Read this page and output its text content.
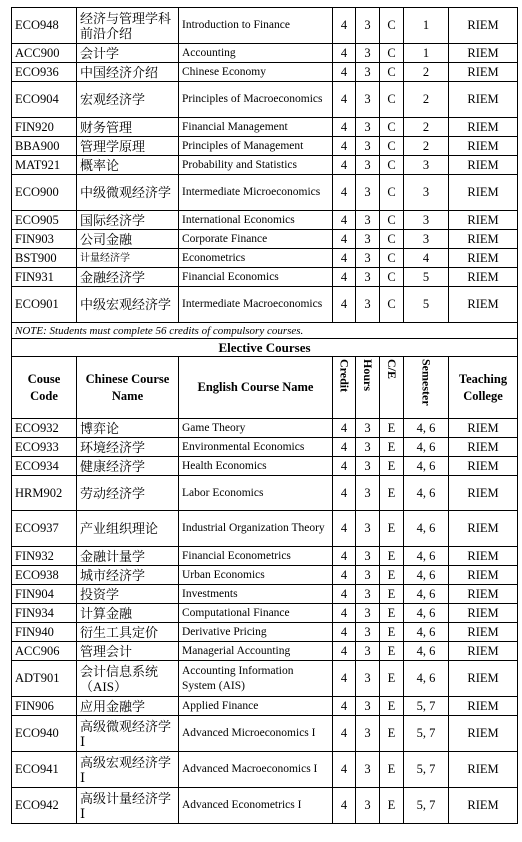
ECO948	经济与管理学科前沿介绍	Introduction to Finance	4	3	C	1	RIEM
ACC900	会计学	Accounting	4	3	C	1	RIEM
ECO936	中国经济介绍	Chinese Economy	4	3	C	2	RIEM
ECO904	宏观经济学	Principles of Macroeconomics	4	3	C	2	RIEM
FIN920	财务管理	Financial Management	4	3	C	2	RIEM
BBA900	管理学原理	Principles of Management	4	3	C	2	RIEM
MAT921	概率论	Probability and Statistics	4	3	C	3	RIEM
ECO900	中级微观经济学	Intermediate Microeconomics	4	3	C	3	RIEM
ECO905	国际经济学	International Economics	4	3	C	3	RIEM
FIN903	公司金融	Corporate Finance	4	3	C	3	RIEM
BST900	计量经济学	Econometrics	4	3	C	4	RIEM
FIN931	金融经济学	Financial Economics	4	3	C	5	RIEM
ECO901	中级宏观经济学	Intermediate Macroeconomics	4	3	C	5	RIEM
NOTE: Students must complete 56 credits of compulsory courses.							
Elective Courses							
Couse Code	Chinese Course Name	English Course Name	Credit	Hours	C/E	Semester	Teaching College
ECO932	博弈论	Game Theory	4	3	E	4, 6	RIEM
ECO933	环境经济学	Environmental Economics	4	3	E	4, 6	RIEM
ECO934	健康经济学	Health Economics	4	3	E	4, 6	RIEM
HRM902	劳动经济学	Labor Economics	4	3	E	4, 6	RIEM
ECO937	产业组织理论	Industrial Organization Theory	4	3	E	4, 6	RIEM
FIN932	金融计量学	Financial Econometrics	4	3	E	4, 6	RIEM
ECO938	城市经济学	Urban Economics	4	3	E	4, 6	RIEM
FIN904	投资学	Investments	4	3	E	4, 6	RIEM
FIN934	计算金融	Computational Finance	4	3	E	4, 6	RIEM
FIN940	衍生工具定价	Derivative Pricing	4	3	E	4, 6	RIEM
ACC906	管理会计	Managerial Accounting	4	3	E	4, 6	RIEM
ADT901	会计信息系统（AIS）	Accounting Information System (AIS)	4	3	E	4, 6	RIEM
FIN906	应用金融学	Applied Finance	4	3	E	5, 7	RIEM
ECO940	高级微观经济学Ⅰ	Advanced Microeconomics I	4	3	E	5, 7	RIEM
ECO941	高级宏观经济学Ⅰ	Advanced Macroeconomics I	4	3	E	5, 7	RIEM
ECO942	高级计量经济学Ⅰ	Advanced Econometrics I	4	3	E	5, 7	RIEM
